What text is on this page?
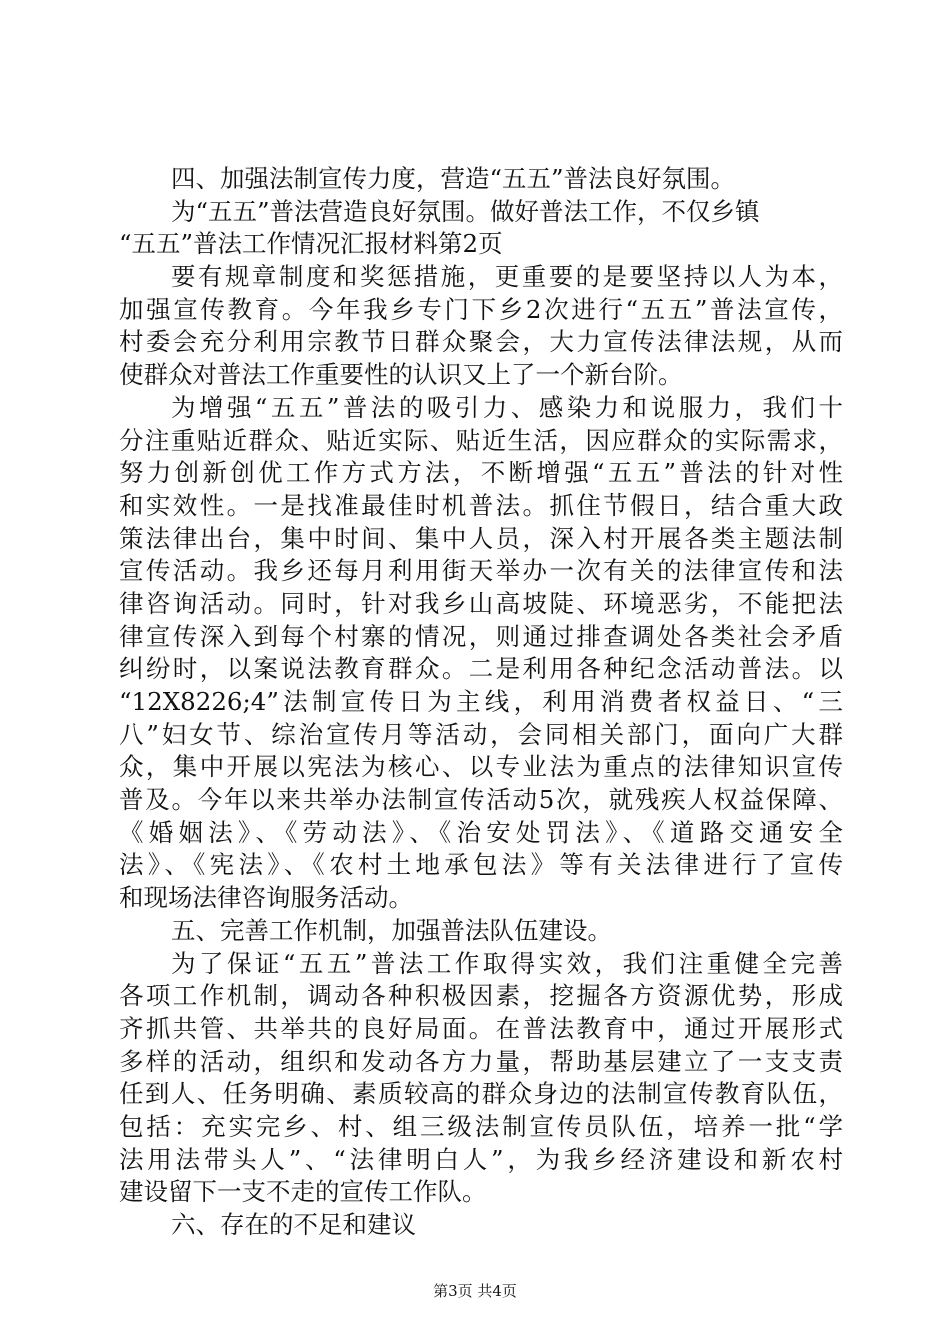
四、加强法制宣传力度，营造“五五”普法良好氛围。
为“五五”普法营造良好氛围。做好普法工作，不仅乡镇
“五五”普法工作情况汇报材料第2页
要有规章制度和奖惩措施，更重要的是要坚持以人为本，
加强宣传教育。今年我乡专门下乡2次进行“五五”普法宣传，
村委会充分利用宗教节日群众聚会，大力宣传法律法规，从而
使群众对普法工作重要性的认识又上了一个新台阶。
为增强“五五”普法的吸引力、感染力和说服力，我们十
分注重贴近群众、贴近实际、贴近生活，因应群众的实际需求，
努力创新创优工作方式方法，不断增强“五五”普法的针对性
和实效性。一是找准最佳时机普法。抓住节假日，结合重大政
策法律出台，集中时间、集中人员，深入村开展各类主题法制
宣传活动。我乡还每月利用街天举办一次有关的法律宣传和法
律咨询活动。同时，针对我乡山高坡陡、环境恶劣，不能把法
律宣传深入到每个村寨的情况，则通过排查调处各类社会矛盾
纠纷时，以案说法教育群众。二是利用各种纪念活动普法。以
“12X8226;4”法制宣传日为主线，利用消费者权益日、“三
八”妇女节、综治宣传月等活动，会同相关部门，面向广大群
众，集中开展以宪法为核心、以专业法为重点的法律知识宣传
普及。今年以来共举办法制宣传活动5次，就残疾人权益保障、
《婚姻法》、《劳动法》、《治安处罚法》、《道路交通安全
法》、《宪法》、《农村土地承包法》等有关法律进行了宣传
和现场法律咨询服务活动。
五、完善工作机制，加强普法队伍建设。
为了保证“五五”普法工作取得实效，我们注重健全完善
各项工作机制，调动各种积极因素，挖掘各方资源优势，形成
齐抓共管、共举共的良好局面。在普法教育中，通过开展形式
多样的活动，组织和发动各方力量，帮助基层建立了一支支责
任到人、任务明确、素质较高的群众身边的法制宣传教育队伍，
包括：充实完乡、村、组三级法制宣传员队伍，培养一批“学
法用法带头人”、“法律明白人”，为我乡经济建设和新农村
建设留下一支不走的宣传工作队。
六、存在的不足和建议
第3页 共4页
